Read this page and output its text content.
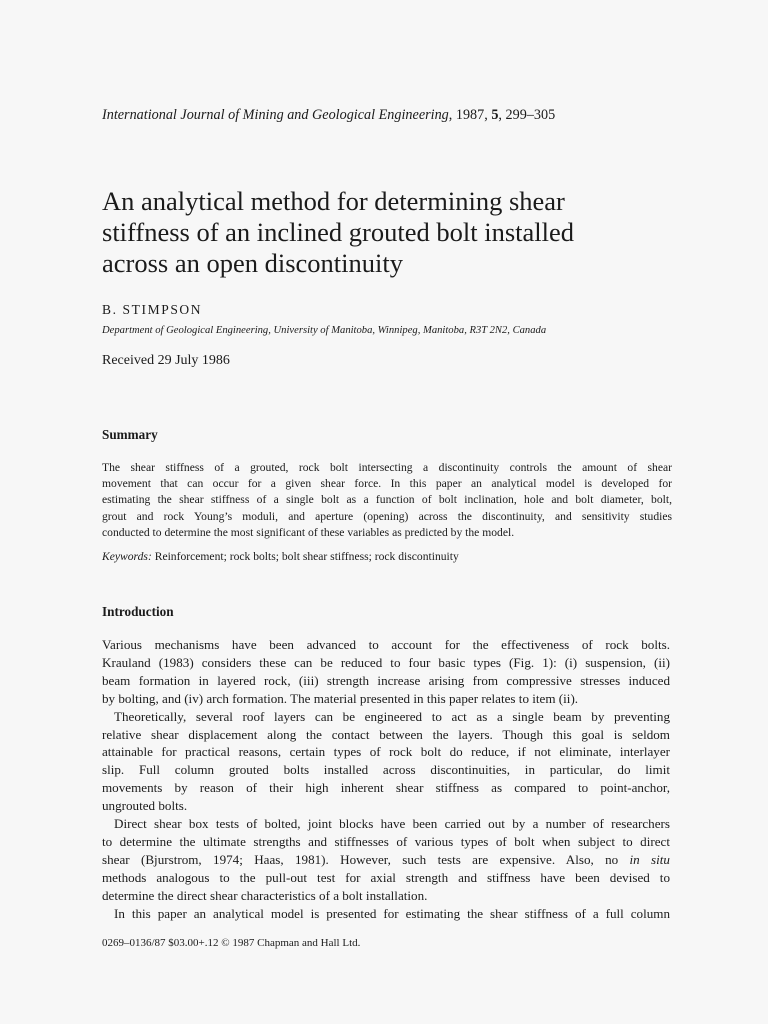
International Journal of Mining and Geological Engineering, 1987, 5, 299–305
An analytical method for determining shear
stiffness of an inclined grouted bolt installed
across an open discontinuity
B. STIMPSON
Department of Geological Engineering, University of Manitoba, Winnipeg, Manitoba, R3T 2N2, Canada
Received 29 July 1986
Summary
The shear stiffness of a grouted, rock bolt intersecting a discontinuity controls the amount of shear
movement that can occur for a given shear force. In this paper an analytical model is developed for
estimating the shear stiffness of a single bolt as a function of bolt inclination, hole and bolt diameter, bolt,
grout and rock Young’s moduli, and aperture (opening) across the discontinuity, and sensitivity studies
conducted to determine the most significant of these variables as predicted by the model.
Keywords: Reinforcement; rock bolts; bolt shear stiffness; rock discontinuity
Introduction
Various mechanisms have been advanced to account for the effectiveness of rock bolts.
Krauland (1983) considers these can be reduced to four basic types (Fig. 1): (i) suspension, (ii)
beam formation in layered rock, (iii) strength increase arising from compressive stresses induced
by bolting, and (iv) arch formation. The material presented in this paper relates to item (ii).
Theoretically, several roof layers can be engineered to act as a single beam by preventing
relative shear displacement along the contact between the layers. Though this goal is seldom
attainable for practical reasons, certain types of rock bolt do reduce, if not eliminate, interlayer
slip. Full column grouted bolts installed across discontinuities, in particular, do limit
movements by reason of their high inherent shear stiffness as compared to point-anchor,
ungrouted bolts.
Direct shear box tests of bolted, joint blocks have been carried out by a number of researchers
to determine the ultimate strengths and stiffnesses of various types of bolt when subject to direct
shear (Bjurstrom, 1974; Haas, 1981). However, such tests are expensive. Also, no in situ
methods analogous to the pull-out test for axial strength and stiffness have been devised to
determine the direct shear characteristics of a bolt installation.
In this paper an analytical model is presented for estimating the shear stiffness of a full column
0269–0136/87 $03.00+.12 © 1987 Chapman and Hall Ltd.
